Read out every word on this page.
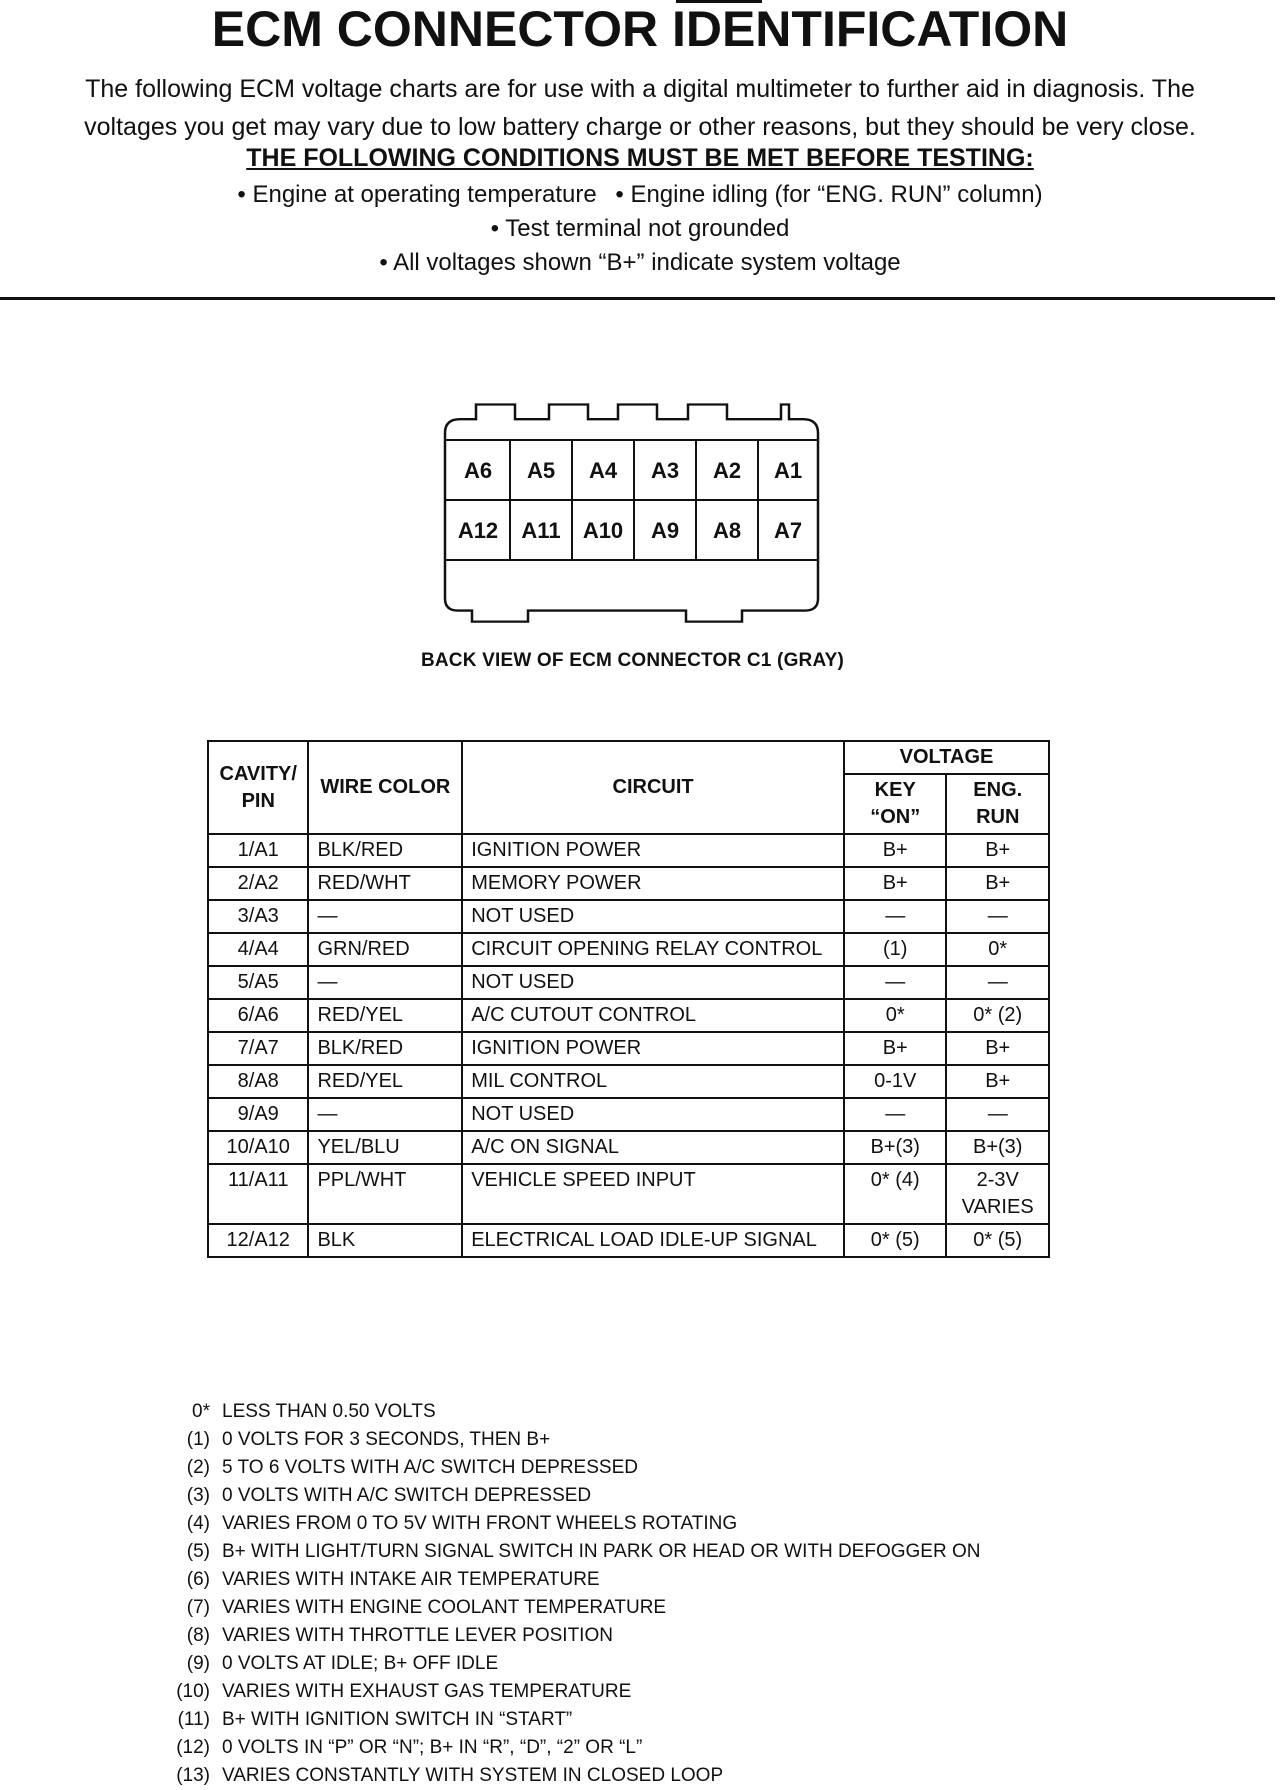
ECM CONNECTOR IDENTIFICATION
The following ECM voltage charts are for use with a digital multimeter to further aid in diagnosis. The
voltages you get may vary due to low battery charge or other reasons, but they should be very close.
THE FOLLOWING CONDITIONS MUST BE MET BEFORE TESTING:
• Engine at operating temperature • Engine idling (for “ENG. RUN” column)
• Test terminal not grounded
• All voltages shown “B+” indicate system voltage
A6 A5 A4 A3 A2 A1
A12 A11 A10 A9 A8 A7
BACK VIEW OF ECM CONNECTOR C1 (GRAY)
CAVITY/ PIN	WIRE COLOR	CIRCUIT	VOLTAGE	
			KEY “ON”	ENG. RUN
1/A1	BLK/RED	IGNITION POWER	B+	B+
2/A2	RED/WHT	MEMORY POWER	B+	B+
3/A3	—	NOT USED	—	—
4/A4	GRN/RED	CIRCUIT OPENING RELAY CONTROL	(1)	0*
5/A5	—	NOT USED	—	—
6/A6	RED/YEL	A/C CUTOUT CONTROL	0*	0* (2)
7/A7	BLK/RED	IGNITION POWER	B+	B+
8/A8	RED/YEL	MIL CONTROL	0-1V	B+
9/A9	—	NOT USED	—	—
10/A10	YEL/BLU	A/C ON SIGNAL	B+(3)	B+(3)
11/A11	PPL/WHT	VEHICLE SPEED INPUT	0* (4)	2-3V VARIES
12/A12	BLK	ELECTRICAL LOAD IDLE-UP SIGNAL	0* (5)	0* (5)
0* LESS THAN 0.50 VOLTS
(1) 0 VOLTS FOR 3 SECONDS, THEN B+
(2) 5 TO 6 VOLTS WITH A/C SWITCH DEPRESSED
(3) 0 VOLTS WITH A/C SWITCH DEPRESSED
(4) VARIES FROM 0 TO 5V WITH FRONT WHEELS ROTATING
(5) B+ WITH LIGHT/TURN SIGNAL SWITCH IN PARK OR HEAD OR WITH DEFOGGER ON
(6) VARIES WITH INTAKE AIR TEMPERATURE
(7) VARIES WITH ENGINE COOLANT TEMPERATURE
(8) VARIES WITH THROTTLE LEVER POSITION
(9) 0 VOLTS AT IDLE; B+ OFF IDLE
(10) VARIES WITH EXHAUST GAS TEMPERATURE
(11) B+ WITH IGNITION SWITCH IN “START”
(12) 0 VOLTS IN “P” OR “N”; B+ IN “R”, “D”, “2” OR “L”
(13) VARIES CONSTANTLY WITH SYSTEM IN CLOSED LOOP
